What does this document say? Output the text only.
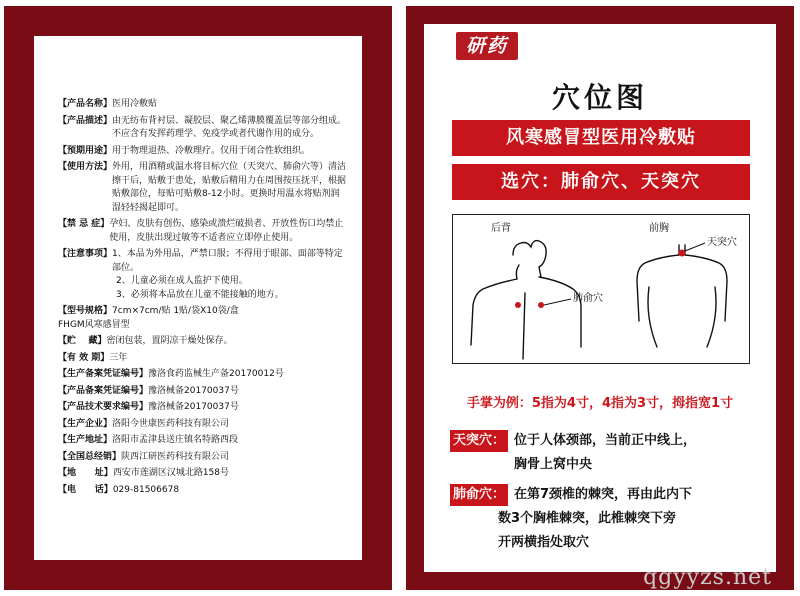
【产品名称】 医用冷敷贴
【产品描述】 由无纺布背衬层、凝胶层、聚乙烯薄膜覆盖层等部分组成。不应含有发挥药理学、免疫学或者代谢作用的成分。
【预期用途】 用于物理退热、冷敷理疗。仅用于闭合性软组织。
【使用方法】 外用，用酒精或温水将目标穴位（天突穴、肺俞穴等）清洁擦干后，贴敷于患处，贴敷后精用力在周围按压抚平，根据贴敷部位，每贴可贴敷8-12小时。更换时用温水将贴剂润湿轻轻揭起即可。
【禁 忌 症】 孕妇、皮肤有创伤、感染或溃烂破损者、开放性伤口均禁止使用，皮肤出现过敏等不适者应立即停止使用。
【注意事项】 1、本品为外用品，严禁口服；不得用于眼部、面部等特定部位。
2、儿童必须在成人监护下使用。
3、必须将本品放在儿童不能接触的地方。
【型号规格】 7cm×7cm/贴 1贴/袋X10袋/盒
FHGM风寒感冒型
【贮    藏】 密闭包装，置阴凉干燥处保存。
【有 效 期】 三年
【生产备案凭证编号】 豫洛食药监械生产备20170012号
【产品备案凭证编号】 豫洛械备20170037号
【产品技术要求编号】 豫洛械备20170037号
【生产企业】 洛阳今世康医药科技有限公司
【生产地址】 洛阳市孟津县送庄镇名特路西段
【全国总经销】 陕西江研医药科技有限公司
【地      址】 西安市莲湖区汉城北路158号
【电      话】 029-81506678
研药
穴位图
风寒感冒型医用冷敷贴
选穴：肺俞穴、天突穴
后背	前胸
天突穴
肺俞穴
手掌为例：5指为4寸，4指为3寸，拇指宽1寸
天突穴： 位于人体颈部，当前正中线上，
胸骨上窝中央
肺俞穴： 在第7颈椎的棘突，再由此内下
数3个胸椎棘突，此椎棘突下旁
开两横指处取穴
qgyyzs.net
